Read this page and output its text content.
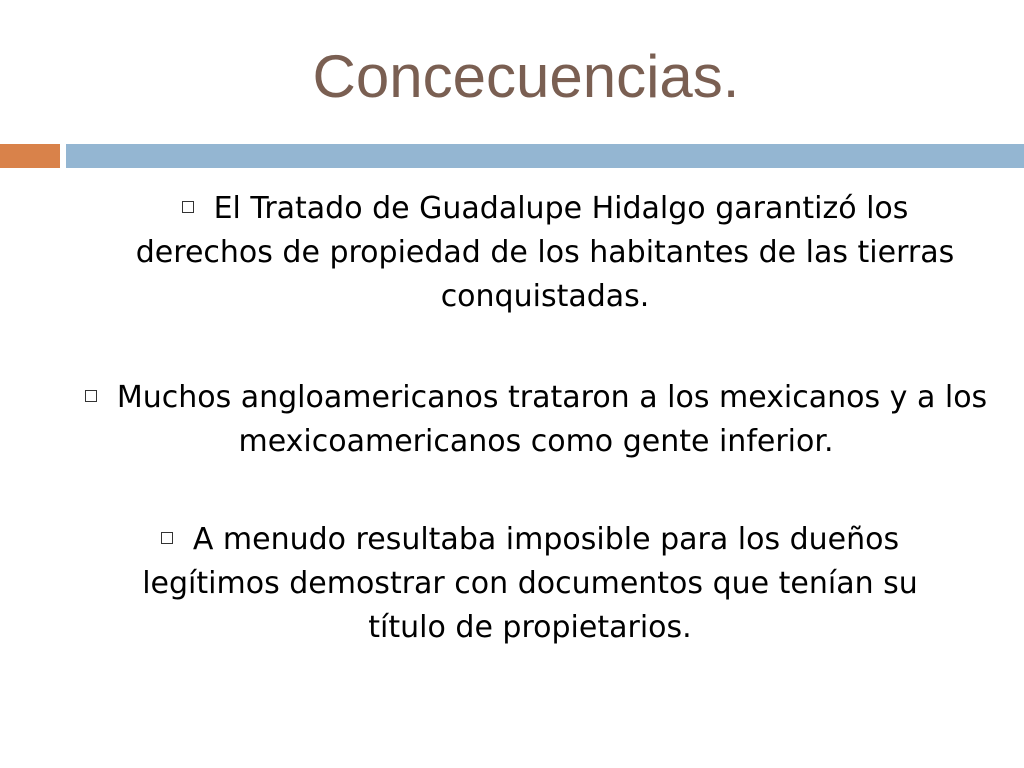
Concecuencias.

El Tratado de Guadalupe Hidalgo garantizó los derechos de propiedad de los habitantes de las tierras conquistadas.

Muchos angloamericanos trataron a los mexicanos y a los mexicoamericanos como gente inferior.

A menudo resultaba imposible para los dueños legítimos demostrar con documentos que tenían su título de propietarios.
